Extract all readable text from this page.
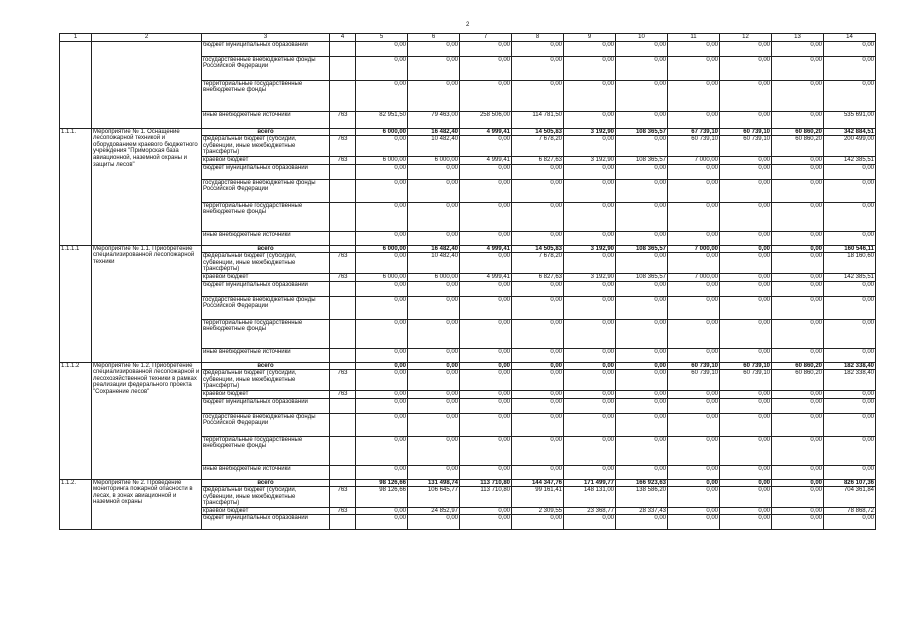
2
1	2	3	4	5	6	7	8	9	10	11	12	13	14
		бюджет муниципальных образований		0,00	0,00	0,00	0,00	0,00	0,00	0,00	0,00	0,00	0,00
		государственные внебюджетные фонды Российской Федерации		0,00	0,00	0,00	0,00	0,00	0,00	0,00	0,00	0,00	0,00
		территориальные государственные внебюджетные фонды		0,00	0,00	0,00	0,00	0,00	0,00	0,00	0,00	0,00	0,00
		иные внебюджетные источники	763	82 951,50	79 463,00	258 506,00	114 781,50	0,00	0,00	0,00	0,00	0,00	535 691,00
1.1.1.	Мероприятие № 1. Оснащение лесопожарной техникой и оборудованием краевого бюджетного учреждения "Приморская база авиационной, наземной охраны и защиты лесов"	всего		6 000,00	16 482,40	4 999,41	14 505,83	3 192,90	108 365,57	67 739,10	60 739,10	60 860,20	342 884,51
		федеральный бюджет (субсидии, субвенции, иные межбюджетные трансферты)	763	0,00	10 482,40	0,00	7 678,20	0,00	0,00	60 739,10	60 739,10	60 860,20	200 499,00
		краевой бюджет	763	6 000,00	6 000,00	4 999,41	6 827,63	3 192,90	108 365,57	7 000,00	0,00	0,00	142 385,51
		бюджет муниципальных образований		0,00	0,00	0,00	0,00	0,00	0,00	0,00	0,00	0,00	0,00
		государственные внебюджетные фонды Российской Федерации		0,00	0,00	0,00	0,00	0,00	0,00	0,00	0,00	0,00	0,00
		территориальные государственные внебюджетные фонды		0,00	0,00	0,00	0,00	0,00	0,00	0,00	0,00	0,00	0,00
		иные внебюджетные источники		0,00	0,00	0,00	0,00	0,00	0,00	0,00	0,00	0,00	0,00
1.1.1.1	Мероприятие № 1.1. Приобретение специализированной лесопожарной техники	всего		6 000,00	16 482,40	4 999,41	14 505,83	3 192,90	108 365,57	7 000,00	0,00	0,00	160 546,11
		федеральный бюджет (субсидии, субвенции, иные межбюджетные трансферты)	763	0,00	10 482,40	0,00	7 678,20	0,00	0,00	0,00	0,00	0,00	18 160,60
		краевой бюджет	763	6 000,00	6 000,00	4 999,41	6 827,63	3 192,90	108 365,57	7 000,00	0,00	0,00	142 385,51
		бюджет муниципальных образований		0,00	0,00	0,00	0,00	0,00	0,00	0,00	0,00	0,00	0,00
		государственные внебюджетные фонды Российской Федерации		0,00	0,00	0,00	0,00	0,00	0,00	0,00	0,00	0,00	0,00
		территориальные государственные внебюджетные фонды		0,00	0,00	0,00	0,00	0,00	0,00	0,00	0,00	0,00	0,00
		иные внебюджетные источники		0,00	0,00	0,00	0,00	0,00	0,00	0,00	0,00	0,00	0,00
1.1.1.2	Мероприятие № 1.2. Приобретение специализированной лесопожарной и лесохозяйственной техники в рамках реализации федерального проекта "Сохранение лесов"	всего		0,00	0,00	0,00	0,00	0,00	0,00	60 739,10	60 739,10	60 860,20	182 338,40
		федеральный бюджет (субсидии, субвенции, иные межбюджетные трансферты)	763	0,00	0,00	0,00	0,00	0,00	0,00	60 739,10	60 739,10	60 860,20	182 338,40
		краевой бюджет	763	0,00	0,00	0,00	0,00	0,00	0,00	0,00	0,00	0,00	0,00
		бюджет муниципальных образований		0,00	0,00	0,00	0,00	0,00	0,00	0,00	0,00	0,00	0,00
		государственные внебюджетные фонды Российской Федерации		0,00	0,00	0,00	0,00	0,00	0,00	0,00	0,00	0,00	0,00
		территориальные государственные внебюджетные фонды		0,00	0,00	0,00	0,00	0,00	0,00	0,00	0,00	0,00	0,00
		иные внебюджетные источники		0,00	0,00	0,00	0,00	0,00	0,00	0,00	0,00	0,00	0,00
1.1.2.	Мероприятие № 2. Проведение мониторинга пожарной опасности в лесах, в зонах авиационной и наземной охраны	всего		98 126,66	131 498,74	113 710,80	144 347,76	171 499,77	166 923,63	0,00	0,00	0,00	826 107,36
		федеральный бюджет (субсидии, субвенции, иные межбюджетные трансферты)	763	98 126,66	106 645,77	113 710,80	99 161,41	148 131,00	138 586,20	0,00	0,00	0,00	704 361,84
		краевой бюджет	763	0,00	24 852,97	0,00	2 309,55	23 368,77	28 337,43	0,00	0,00	0,00	78 868,72
		бюджет муниципальных образований		0,00	0,00	0,00	0,00	0,00	0,00	0,00	0,00	0,00	0,00
